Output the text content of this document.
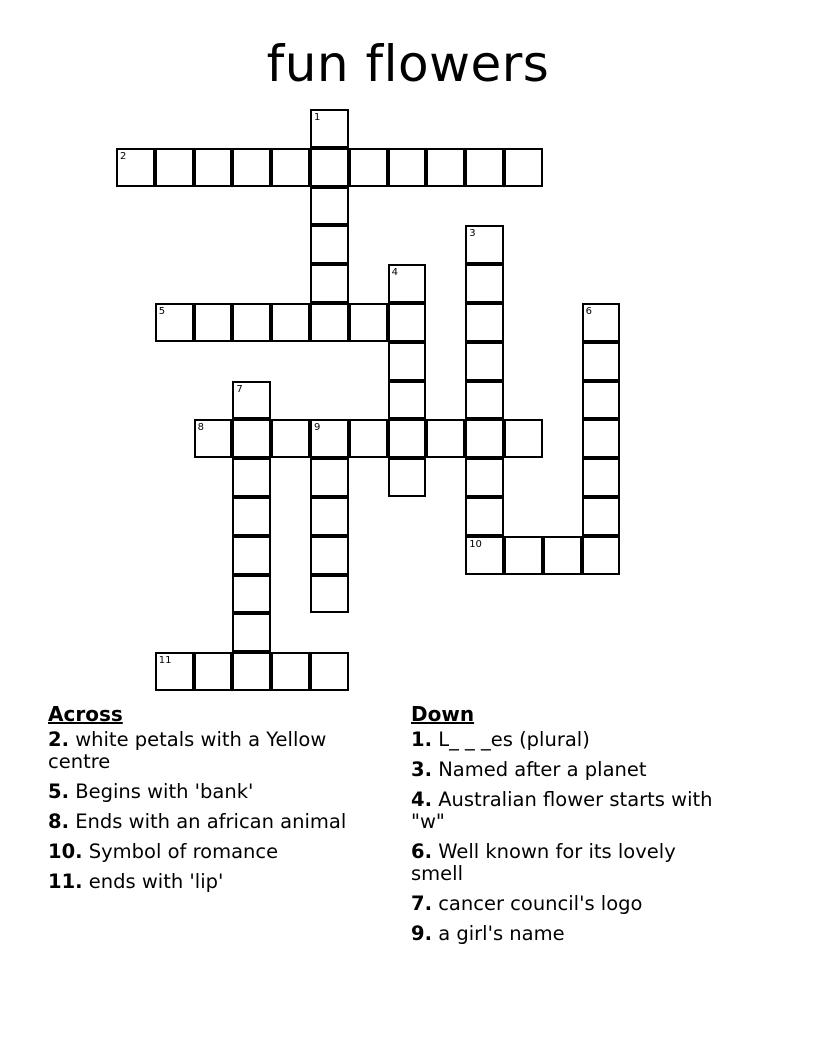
fun flowers
1
2
3
10
4
5	6
7
8	9
11
Across
2. white petals with a Yellow centre
5. Begins with 'bank'
8. Ends with an african animal
10. Symbol of romance
11. ends with 'lip'
Down
1. L_ _ _es (plural)
3. Named after a planet
4. Australian flower starts with "w"
6. Well known for its lovely smell
7. cancer council's logo
9. a girl's name
